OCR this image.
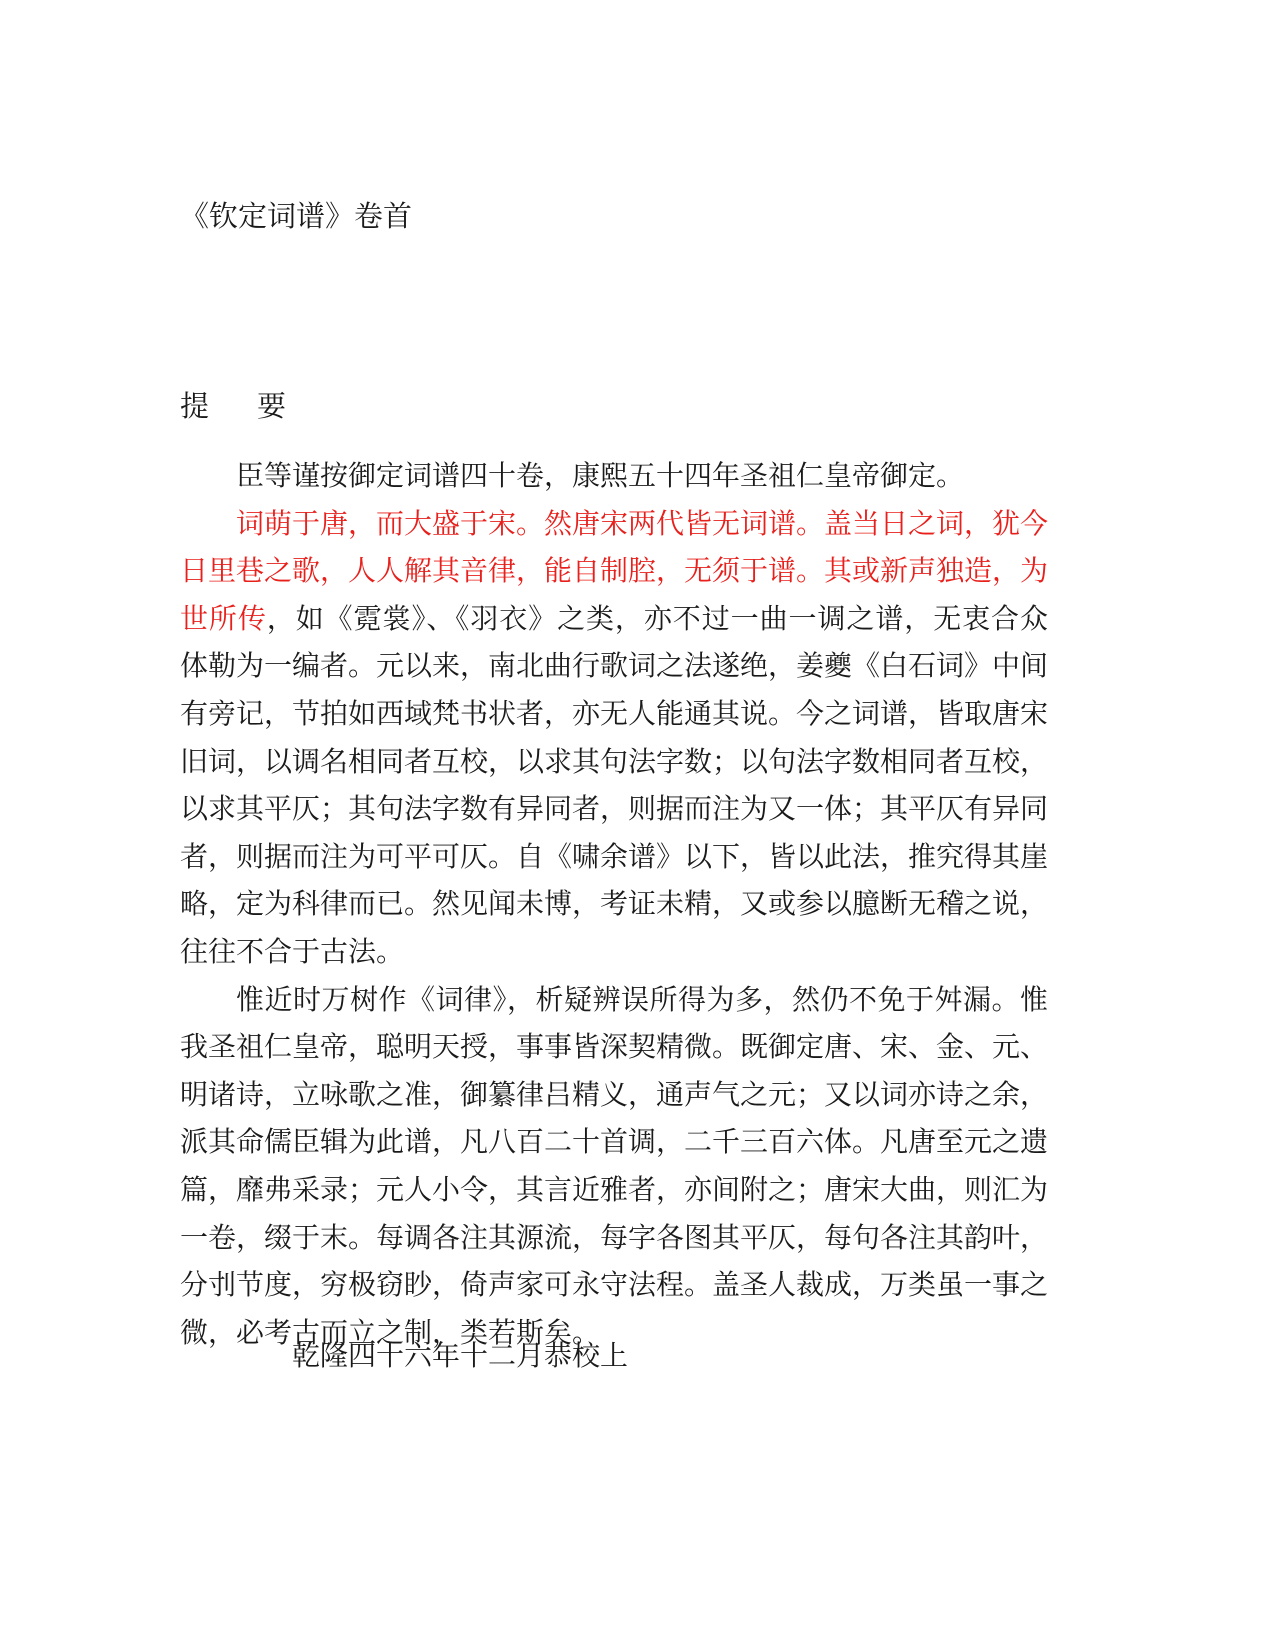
《钦定词谱》卷首
提 要

臣等谨按御定词谱四十卷，康熙五十四年圣祖仁皇帝御定。

词萌于唐，而大盛于宋。然唐宋两代皆无词谱。盖当日之词，犹今日里巷之歌，人人解其音律，能自制腔，无须于谱。其或新声独造，为世所传，如《霓裳》、《羽衣》之类，亦不过一曲一调之谱，无衷合众体勒为一编者。元以来，南北曲行歌词之法遂绝，姜夔《白石词》中间有旁记，节拍如西域梵书状者，亦无人能通其说。今之词谱，皆取唐宋旧词，以调名相同者互校，以求其句法字数；以句法字数相同者互校，以求其平仄；其句法字数有异同者，则据而注为又一体；其平仄有异同者，则据而注为可平可仄。自《啸余谱》以下，皆以此法，推究得其崖略，定为科律而已。然见闻未博，考证未精，又或参以臆断无稽之说，往往不合于古法。

惟近时万树作《词律》，析疑辨误所得为多，然仍不免于舛漏。惟我圣祖仁皇帝，聪明天授，事事皆深契精微。既御定唐、宋、金、元、明诸诗，立咏歌之准，御纂律吕精义，通声气之元；又以词亦诗之余，派其命儒臣辑为此谱，凡八百二十首调，二千三百六体。凡唐至元之遗篇，靡弗采录；元人小令，其言近雅者，亦间附之；唐宋大曲，则汇为一卷，缀于末。每调各注其源流，每字各图其平仄，每句各注其韵叶，分刌节度，穷极窃眇，倚声家可永守法程。盖圣人裁成，万类虽一事之微，必考古而立之制，类若斯矣。

乾隆四十六年十二月恭校上
